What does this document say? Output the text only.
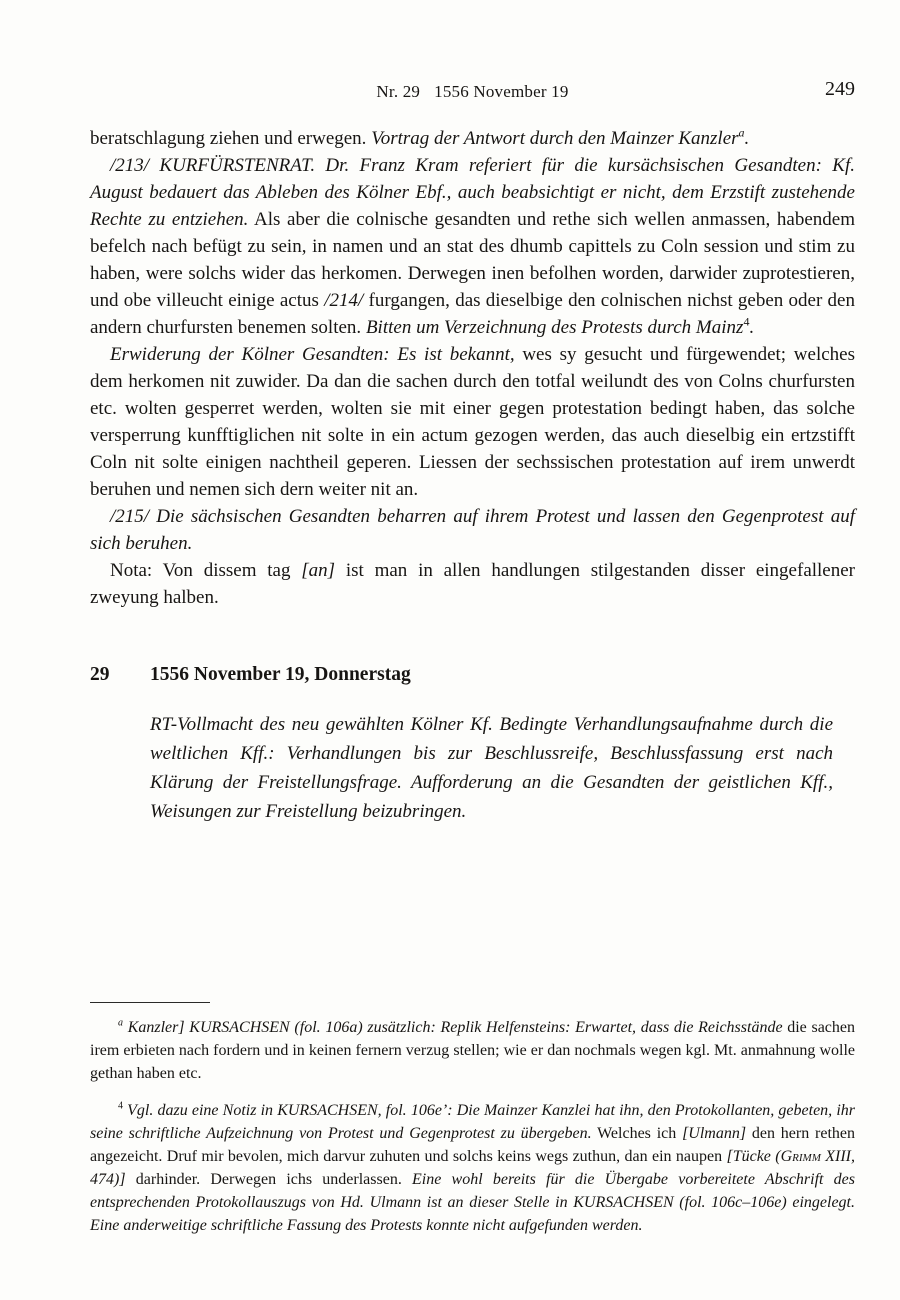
Nr. 29 1556 November 19	249
beratschlagung ziehen und erwegen. Vortrag der Antwort durch den Mainzer Kanzler$^a$.
/213/ KURFÜRSTENRAT. Dr. Franz Kram referiert für die kursächsischen Gesandten: Kf. August bedauert das Ableben des Kölner Ebf., auch beabsichtigt er nicht, dem Erzstift zustehende Rechte zu entziehen. Als aber die colnische gesandten und rethe sich wellen anmassen, habendem befelch nach befügt zu sein, in namen und an stat des dhumb capittels zu Coln session und stim zu haben, were solchs wider das herkomen. Derwegen inen befolhen worden, darwider zuprotestieren, und obe villeucht einige actus /214/ furgangen, das dieselbige den colnischen nichst geben oder den andern churfursten benemen solten. Bitten um Verzeichnung des Protests durch Mainz$^4$.
Erwiderung der Kölner Gesandten: Es ist bekannt, wes sy gesucht und fürgewendet; welches dem herkomen nit zuwider. Da dan die sachen durch den totfal weilundt des von Colns churfursten etc. wolten gesperret werden, wolten sie mit einer gegen protestation bedingt haben, das solche versperrung kunfftiglichen nit solte in ein actum gezogen werden, das auch dieselbig ein ertzstifft Coln nit solte einigen nachtheil geperen. Liessen der sechssischen protestation auf irem unwerdt beruhen und nemen sich dern weiter nit an.
/215/ Die sächsischen Gesandten beharren auf ihrem Protest und lassen den Gegenprotest auf sich beruhen.
Nota: Von dissem tag [an] ist man in allen handlungen stilgestanden disser eingefallener zweyung halben.
29	1556 November 19, Donnerstag
RT-Vollmacht des neu gewählten Kölner Kf. Bedingte Verhandlungsaufnahme durch die weltlichen Kff.: Verhandlungen bis zur Beschlussreife, Beschlussfassung erst nach Klärung der Freistellungsfrage. Aufforderung an die Gesandten der geistlichen Kff., Weisungen zur Freistellung beizubringen.
$^a$ Kanzler] KURSACHSEN (fol. 106a) zusätzlich: Replik Helfensteins: Erwartet, dass die Reichsstände die sachen irem erbieten nach fordern und in keinen fernern verzug stellen; wie er dan nochmals wegen kgl. Mt. anmahnung wolle gethan haben etc.
$^4$ Vgl. dazu eine Notiz in KURSACHSEN, fol. 106e’: Die Mainzer Kanzlei hat ihn, den Protokollanten, gebeten, ihr seine schriftliche Aufzeichnung von Protest und Gegenprotest zu übergeben. Welches ich [Ulmann] den hern rethen angezeicht. Druf mir bevolen, mich darvur zuhuten und solchs keins wegs zuthun, dan ein naupen [Tücke (Grimm XIII, 474)] darhinder. Derwegen ichs underlassen. Eine wohl bereits für die Übergabe vorbereitete Abschrift des entsprechenden Protokollauszugs von Hd. Ulmann ist an dieser Stelle in KURSACHSEN (fol. 106c–106e) eingelegt. Eine anderweitige schriftliche Fassung des Protests konnte nicht aufgefunden werden.
